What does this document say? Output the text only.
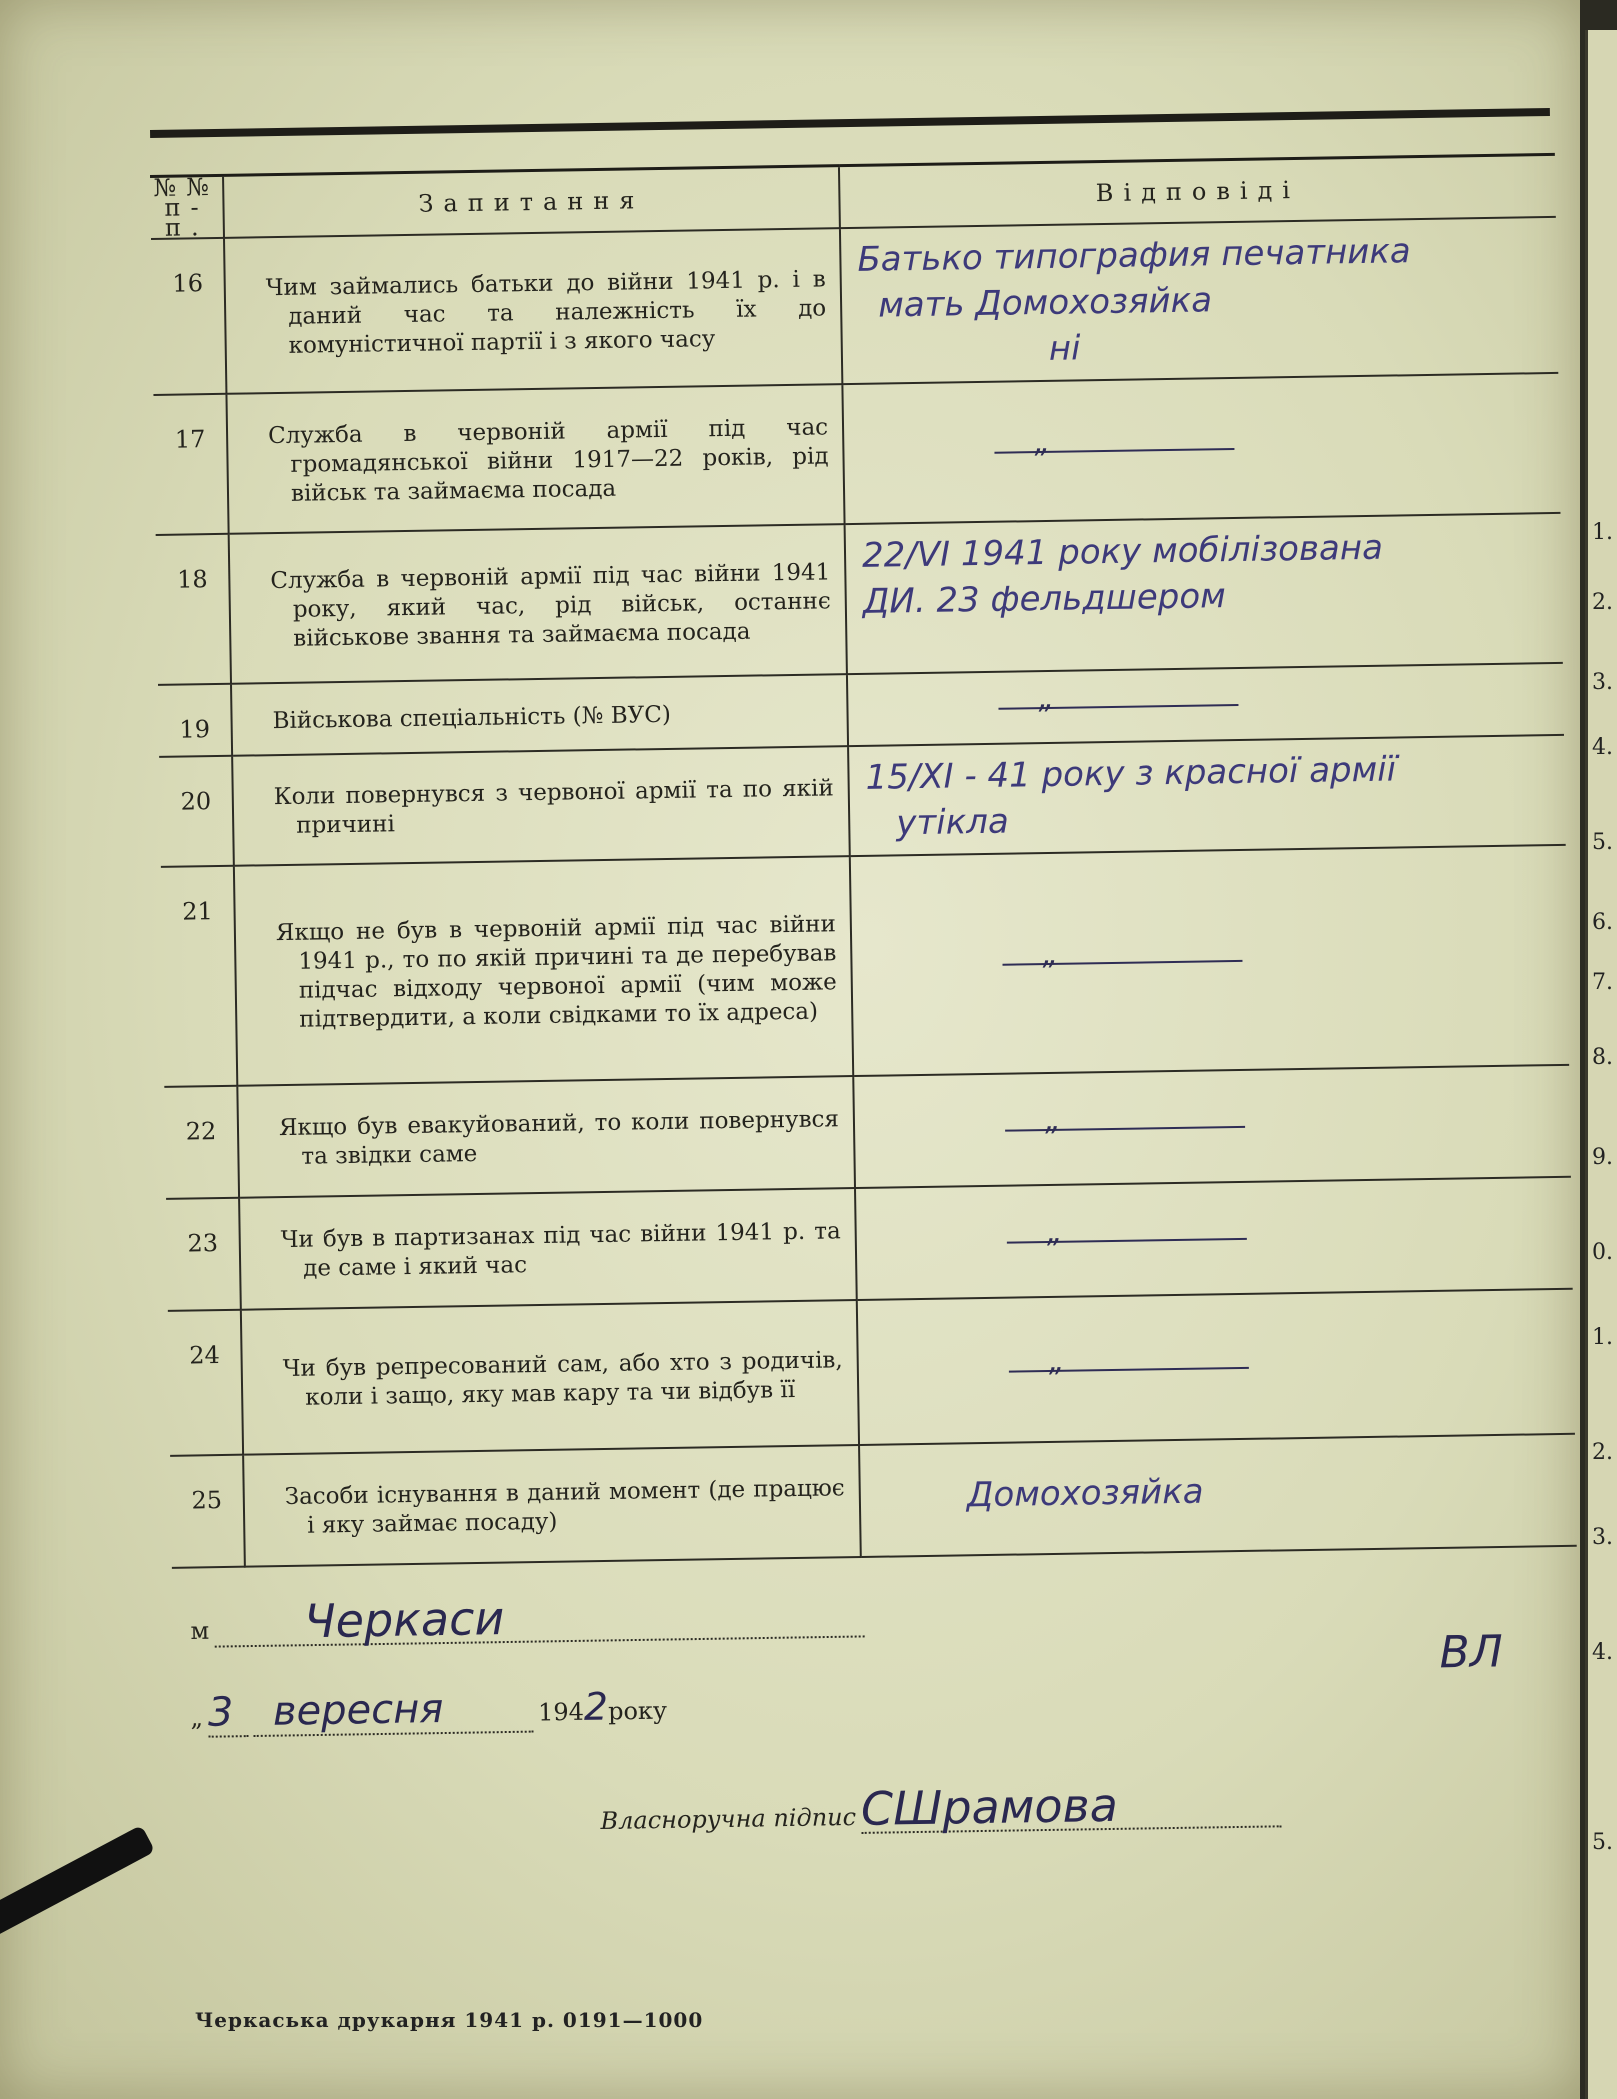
№№ п-п.	Запитання	Відповіді
16	Чим займались батьки до війни 1941 р. і в даний час та належність їх до комуністичної партії і з якого часу	Батько типография печатника
мать Домохозяйка
ні

17	Служба в червоній армії під час громадянської війни 1917—22 років, рід військ та займаєма посада	„

18	Служба в червоній армії під час війни 1941 року, який час, рід військ, останнє військове звання та займаєма посада	22/VI 1941 року мобілізована
ДИ. 23 фельдшером

19	Військова спеціальність (№ ВУС)	„

20	Коли повернувся з червоної армії та по якій причині	15/XI - 41 року з красної армії
утікла

21	Якщо не був в червоній армії під час війни 1941 р., то по якій причині та де перебував підчас відходу червоної армії (чим може підтвердити, а коли свідками то їх адреса)	„

22	Якщо був евакуйований, то коли повернувся та звідки саме	„

23	Чи був в партизанах під час війни 1941 р. та де саме і який час	„

24	Чи був репресований сам, або хто з родичів, коли і защо, яку мав кару та чи відбув її	„

25	Засоби існування в даний момент (де працює і яку займає посаду)	Домохозяйка
м Черкаси
„ 3 вересня	1942року
ВЛ
Власноручна підпис СШрамова
Черкаська друкарня 1941 р. 0191—1000
1.
2.
3.
4.
5.
6.
7.
8.
9.
0.
1.
2.
3.
4.
5.
